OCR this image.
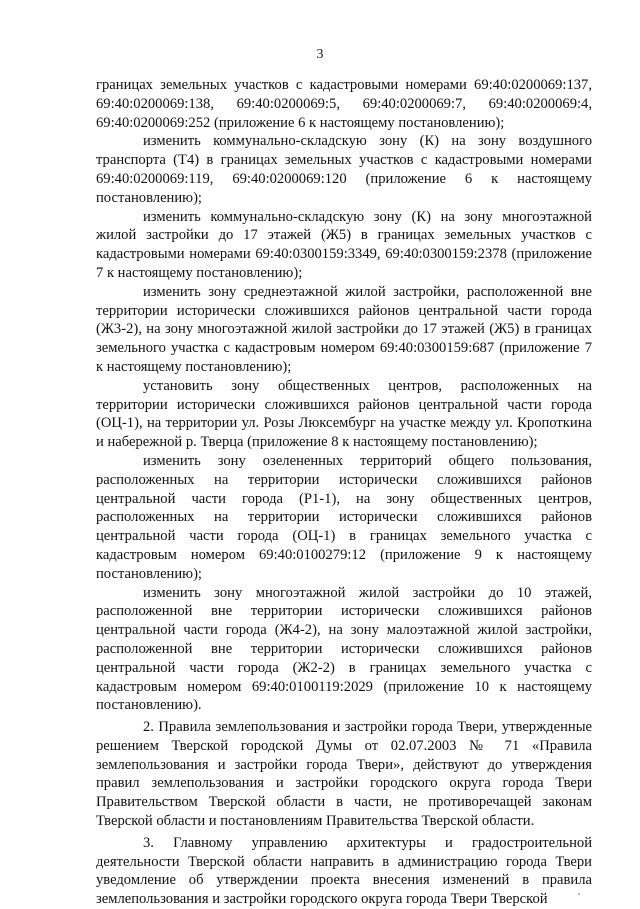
3

границах земельных участков с кадастровыми номерами 69:40:0200069:137, 69:40:0200069:138, 69:40:0200069:5, 69:40:0200069:7, 69:40:0200069:4, 69:40:0200069:252 (приложение 6 к настоящему постановлению);

изменить коммунально-складскую зону (К) на зону воздушного транспорта (Т4) в границах земельных участков с кадастровыми номерами 69:40:0200069:119, 69:40:0200069:120 (приложение 6 к настоящему постановлению);

изменить коммунально-складскую зону (К) на зону многоэтажной жилой застройки до 17 этажей (Ж5) в границах земельных участков с кадастровыми номерами 69:40:0300159:3349, 69:40:0300159:2378 (приложение 7 к настоящему постановлению);

изменить зону среднеэтажной жилой застройки, расположенной вне территории исторически сложившихся районов центральной части города (Ж3-2), на зону многоэтажной жилой застройки до 17 этажей (Ж5) в границах земельного участка с кадастровым номером 69:40:0300159:687 (приложение 7 к настоящему постановлению);

установить зону общественных центров, расположенных на территории исторически сложившихся районов центральной части города (ОЦ-1), на территории ул. Розы Люксембург на участке между ул. Кропоткина и набережной р. Тверца (приложение 8 к настоящему постановлению);

изменить зону озелененных территорий общего пользования, расположенных на территории исторически сложившихся районов центральной части города (Р1-1), на зону общественных центров, расположенных на территории исторически сложившихся районов центральной части города (ОЦ-1) в границах земельного участка с кадастровым номером 69:40:0100279:12 (приложение 9 к настоящему постановлению);

изменить зону многоэтажной жилой застройки до 10 этажей, расположенной вне территории исторически сложившихся районов центральной части города (Ж4-2), на зону малоэтажной жилой застройки, расположенной вне территории исторически сложившихся районов центральной части города (Ж2-2) в границах земельного участка с кадастровым номером 69:40:0100119:2029 (приложение 10 к настоящему постановлению).

2. Правила землепользования и застройки города Твери, утвержденные решением Тверской городской Думы от 02.07.2003 № 71 «Правила землепользования и застройки города Твери», действуют до утверждения правил землепользования и застройки городского округа города Твери Правительством Тверской области в части, не противоречащей законам Тверской области и постановлениям Правительства Тверской области.

3. Главному управлению архитектуры и градостроительной деятельности Тверской области направить в администрацию города Твери уведомление об утверждении проекта внесения изменений в правила землепользования и застройки городского округа города Твери Тверской
